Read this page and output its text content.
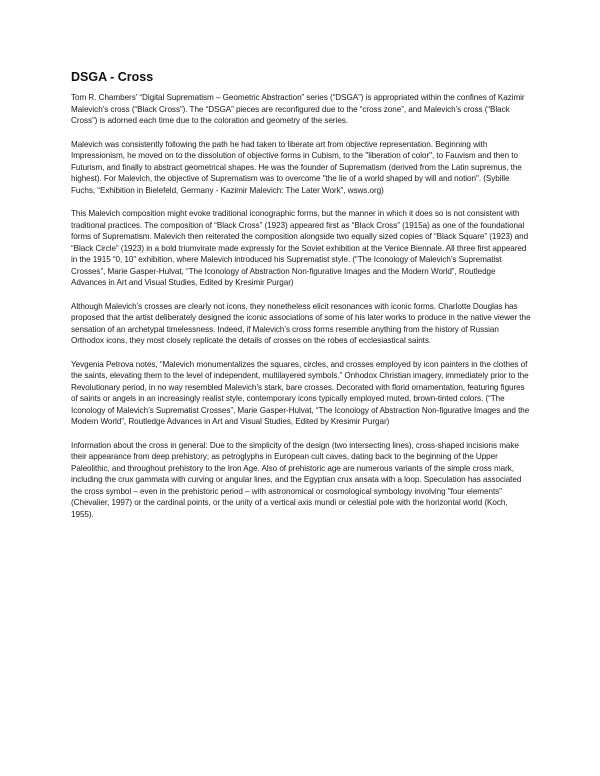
DSGA - Cross

Tom R. Chambers’ “Digital Suprematism – Geometric Abstraction” series (“DSGA”) is appropriated within the confines of Kazimir Malevich’s cross (“Black Cross”). The “DSGA” pieces are reconfigured due to the “cross zone”, and Malevich’s cross (“Black Cross”) is adorned each time due to the coloration and geometry of the series.

Malevich was consistently following the path he had taken to liberate art from objective representation. Beginning with Impressionism, he moved on to the dissolution of objective forms in Cubism, to the "liberation of color", to Fauvism and then to Futurism, and finally to abstract geometrical shapes. He was the founder of Suprematism (derived from the Latin supremus, the highest). For Malevich, the objective of Suprematism was to overcome "the lie of a world shaped by will and notion". (Sybille Fuchs, “Exhibition in Bielefeld, Germany - Kazimir Malevich: The Later Work”, wsws.org)

This Malevich composition might evoke traditional iconographic forms, but the manner in which it does so is not consistent with traditional practices. The composition of “Black Cross” (1923) appeared first as “Black Cross” (1915a) as one of the foundational forms of Suprematism. Malevich then reiterated the composition alongside two equally sized copies of “Black Square” (1923) and “Black Circle” (1923) in a bold triumvirate made expressly for the Soviet exhibition at the Venice Biennale. All three first appeared in the 1915 “0, 10” exhibition, where Malevich introduced his Suprematist style. (“The Iconology of Malevich’s Suprematist Crosses”, Marie Gasper-Hulvat, “The Iconology of Abstraction Non-figurative Images and the Modern World”, Routledge Advances in Art and Visual Studies, Edited by Kresimir Purgar)

Although Malevich’s crosses are clearly not icons, they nonetheless elicit resonances with iconic forms. Charlotte Douglas has proposed that the artist deliberately designed the iconic associations of some of his later works to produce in the native viewer the sensation of an archetypal timelessness. Indeed, if Malevich’s cross forms resemble anything from the history of Russian Orthodox icons, they most closely replicate the details of crosses on the robes of ecclesiastical saints.

Yevgenia Petrova notes, “Malevich monumentalizes the squares, circles, and crosses employed by icon painters in the clothes of the saints, elevating them to the level of independent, multilayered symbols.” Onhodox Christian imagery, immediately prior to the Revolutionary period, in no way resembled Malevich’s stark, bare crosses. Decorated with florid ornamentation, featuring figures of saints or angels in an increasingly realist style, contemporary icons typically employed muted, brown-tinted colors. (“The Iconology of Malevich’s Suprematist Crosses”, Marie Gasper-Hulvat, “The Iconology of Abstraction Non-figurative Images and the Modern World”, Routledge Advances in Art and Visual Studies, Edited by Kresimir Purgar)

Information about the cross in general: Due to the simplicity of the design (two intersecting lines), cross-shaped incisions make their appearance from deep prehistory; as petroglyphs in European cult caves, dating back to the beginning of the Upper Paleolithic, and throughout prehistory to the Iron Age. Also of prehistoric age are numerous variants of the simple cross mark, including the crux gammata with curving or angular lines, and the Egyptian crux ansata with a loop. Speculation has associated the cross symbol – even in the prehistoric period – with astronomical or cosmological symbology involving "four elements" (Chevalier, 1997) or the cardinal points, or the unity of a vertical axis mundi or celestial pole with the horizontal world (Koch, 1955).
